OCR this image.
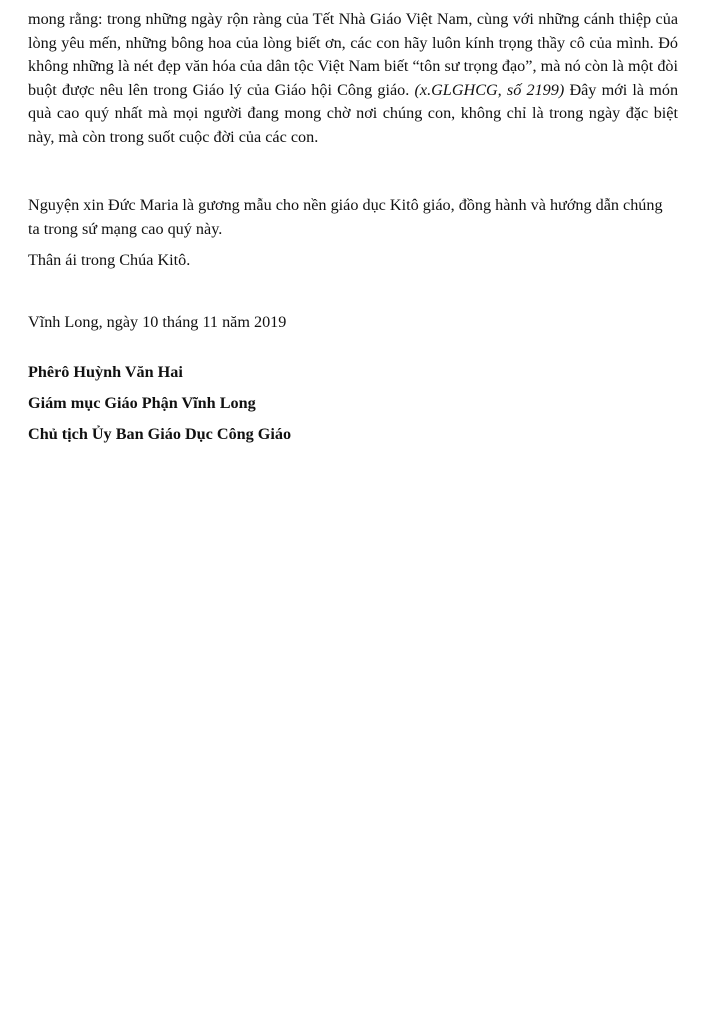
mong rằng: trong những ngày rộn ràng của Tết Nhà Giáo Việt Nam, cùng với những cánh thiệp của lòng yêu mến, những bông hoa của lòng biết ơn, các con hãy luôn kính trọng thầy cô của mình. Đó không những là nét đẹp văn hóa của dân tộc Việt Nam biết “tôn sư trọng đạo”, mà nó còn là một đòi buột được nêu lên trong Giáo lý của Giáo hội Công giáo. (x.GLGHCG, số 2199) Đây mới là món quà cao quý nhất mà mọi người đang mong chờ nơi chúng con, không chỉ là trong ngày đặc biệt này, mà còn trong suốt cuộc đời của các con.

Nguyện xin Đức Maria là gương mẫu cho nền giáo dục Kitô giáo, đồng hành và hướng dẫn chúng ta trong sứ mạng cao quý này.

Thân ái trong Chúa Kitô.

Vĩnh Long, ngày 10 tháng 11 năm 2019

Phêrô Huỳnh Văn Hai

Giám mục Giáo Phận Vĩnh Long

Chủ tịch Ủy Ban Giáo Dục Công Giáo
